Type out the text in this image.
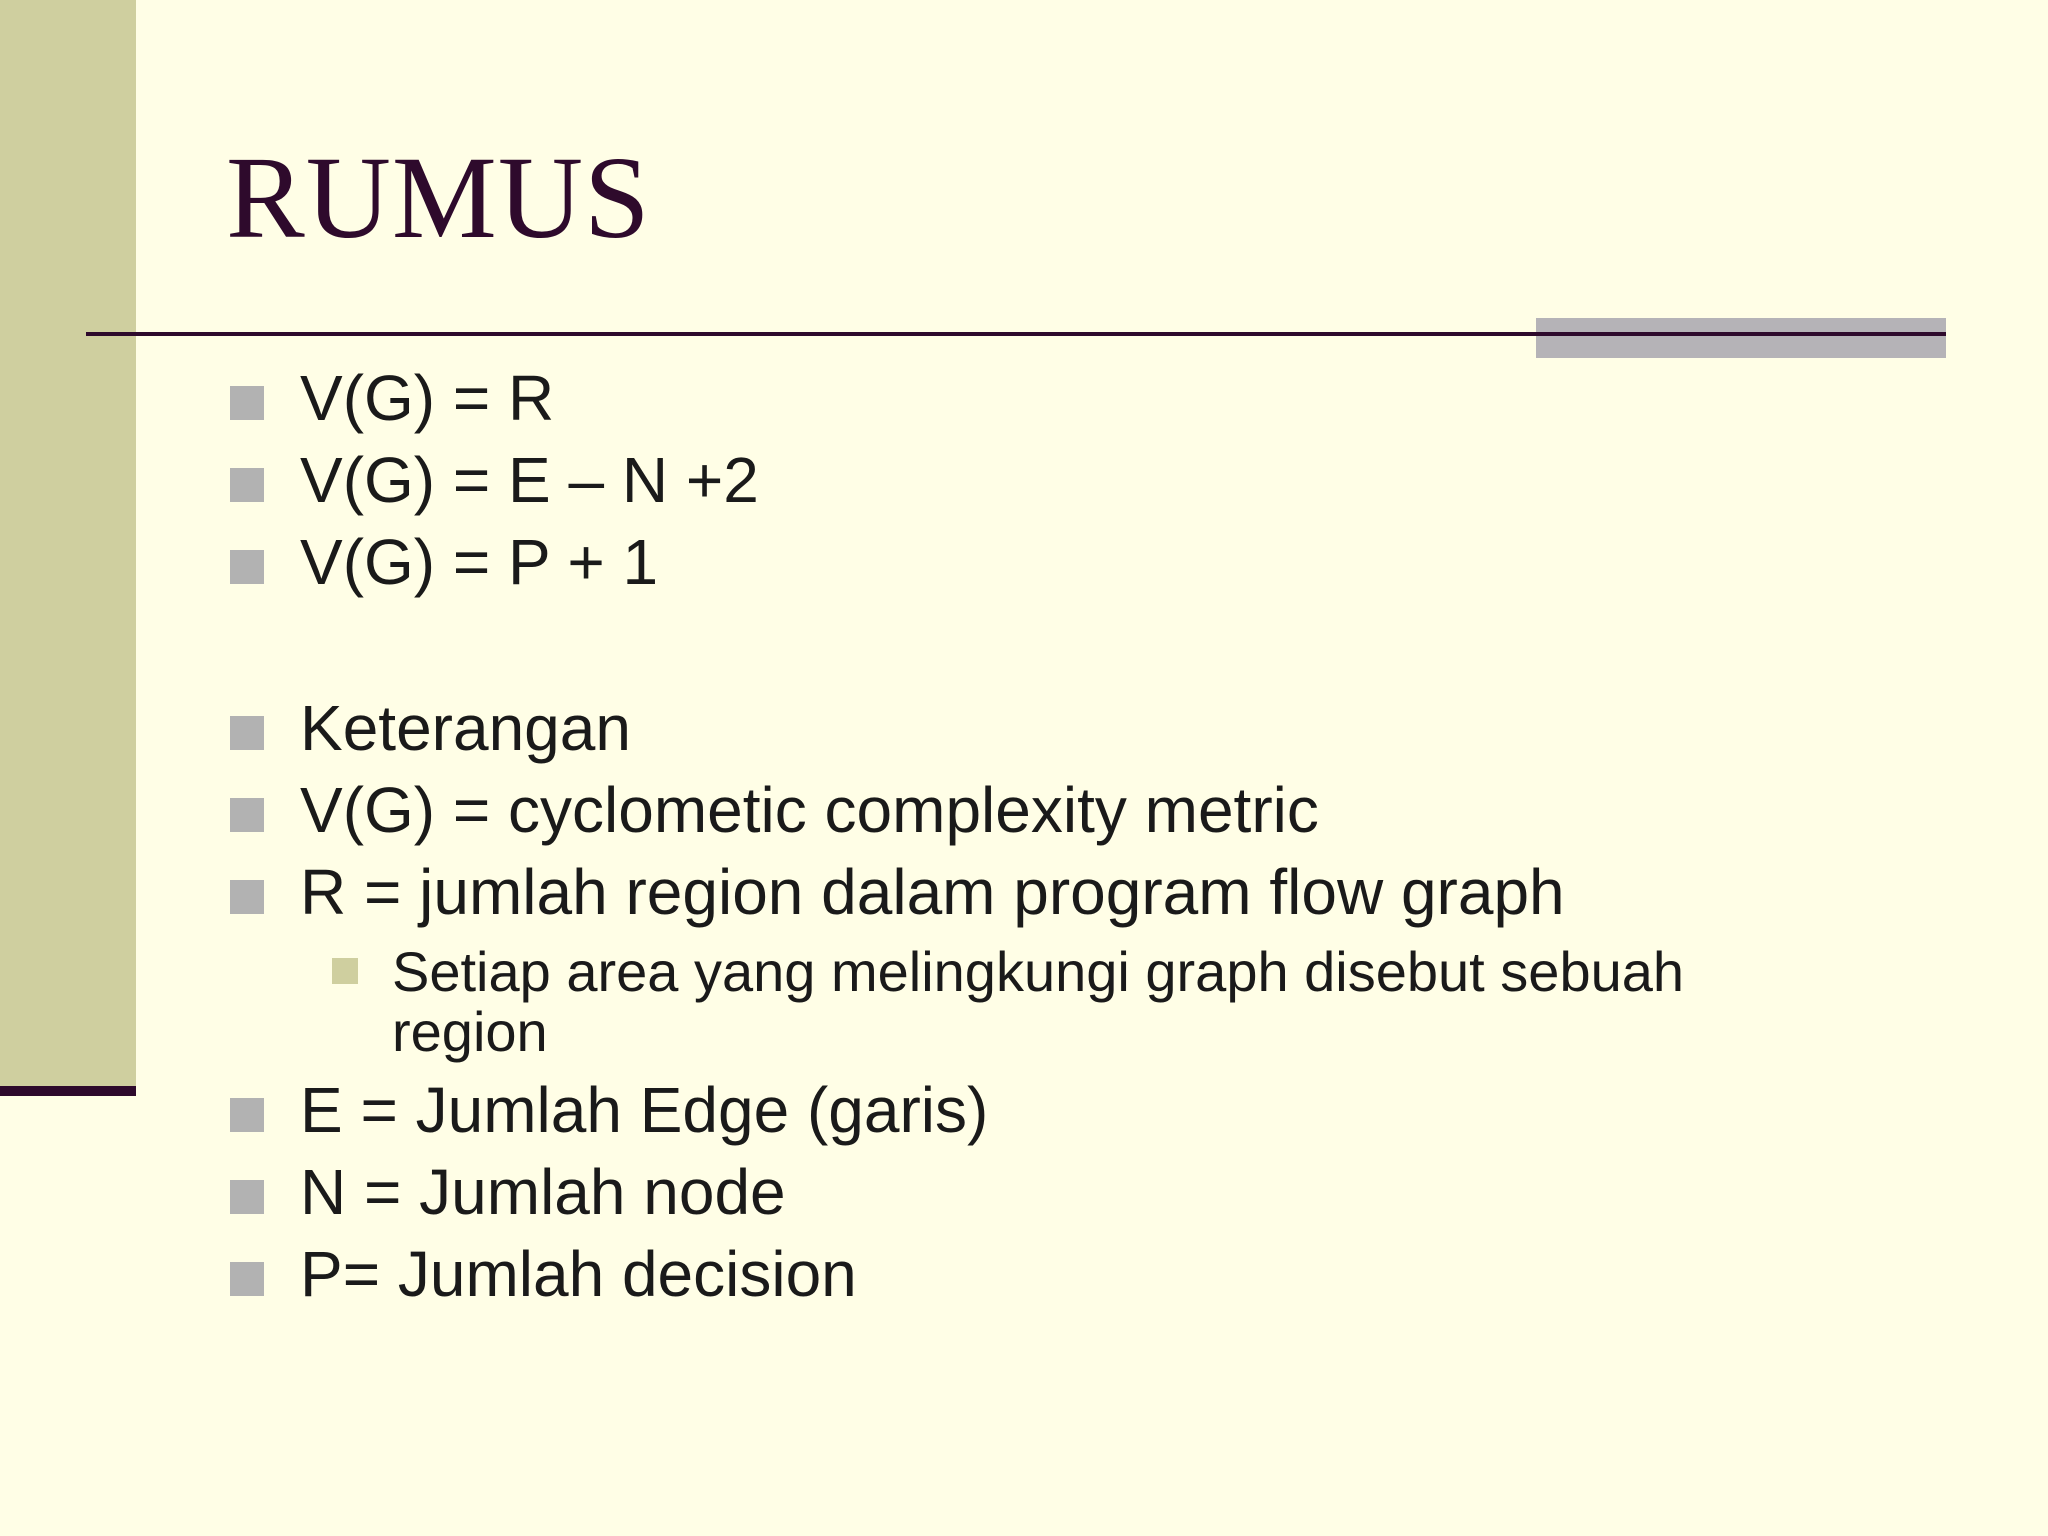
RUMUS
V(G) = R
V(G) = E – N +2
V(G) = P + 1
Keterangan
V(G) = cyclometic complexity metric
R = jumlah region dalam program flow graph
Setiap area yang melingkungi graph disebut sebuah region
E = Jumlah Edge (garis)
N = Jumlah node
P= Jumlah decision
